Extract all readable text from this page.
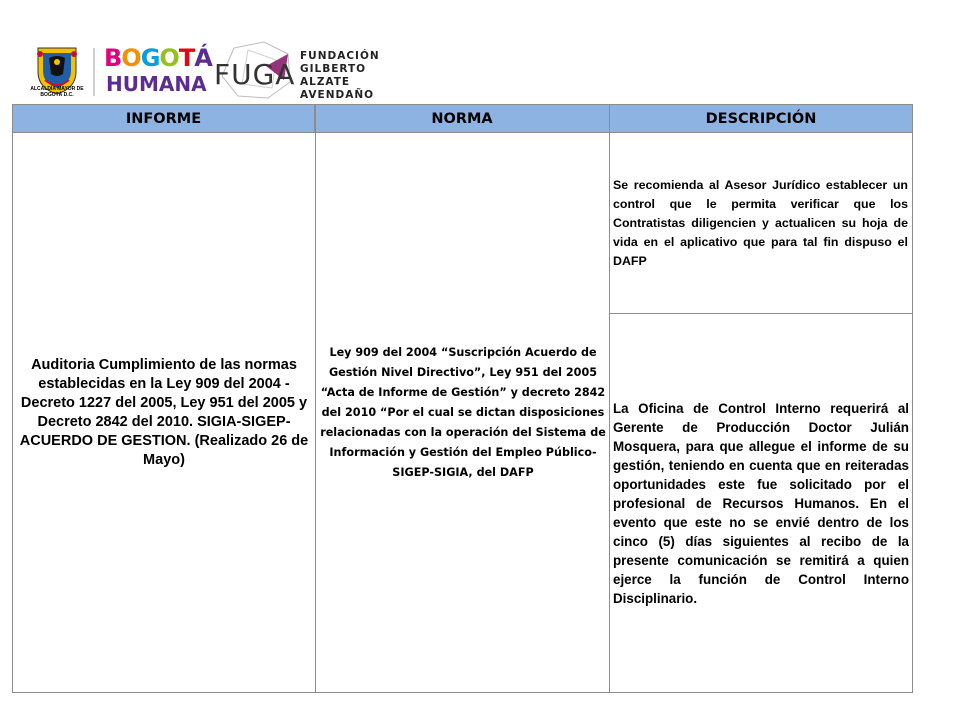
ALCALDÍA MAYOR DE BOGOTÁ D.C.
BOGOTÁ
HUMANA FUGA
FUNDACIÓN
GILBERTO
ALZATE
AVENDAÑO
INFORME	NORMA	DESCRIPCIÓN
Auditoria Cumplimiento de las normas establecidas en la Ley 909 del 2004 - Decreto 1227 del 2005, Ley 951 del 2005 y Decreto 2842 del 2010. SIGIA-SIGEP- ACUERDO DE GESTION. (Realizado 26 de Mayo)
Ley 909 del 2004 “Suscripción Acuerdo de Gestión Nivel Directivo”, Ley 951 del 2005 “Acta de Informe de Gestión” y decreto 2842 del 2010 “Por el cual se dictan disposiciones relacionadas con la operación del Sistema de Información y Gestión del Empleo Público-SIGEP-SIGIA, del DAFP

Se recomienda al Asesor Jurídico establecer un control que le permita verificar que los Contratistas diligencien y actualicen su hoja de vida en el aplicativo que para tal fin dispuso el DAFP

La Oficina de Control Interno requerirá al Gerente de Producción Doctor Julián Mosquera, para que allegue el informe de su gestión, teniendo en cuenta que en reiteradas oportunidades este fue solicitado por el profesional de Recursos Humanos. En el evento que este no se envié dentro de los cinco (5) días siguientes al recibo de la presente comunicación se remitirá a quien ejerce la función de Control Interno Disciplinario.
